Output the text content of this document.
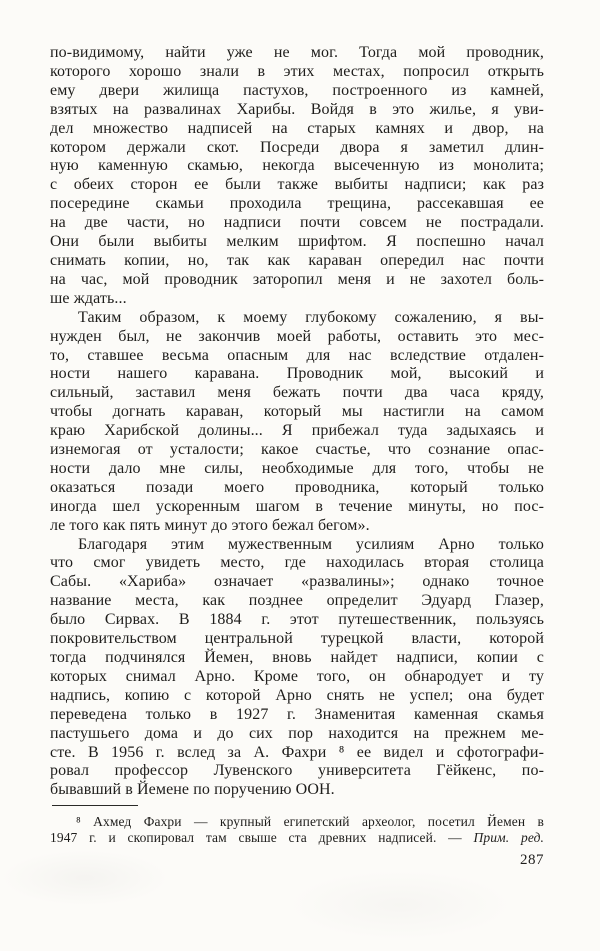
по-видимому, найти уже не мог. Тогда мой проводник,
которого хорошо знали в этих местах, попросил открыть
ему двери жилища пастухов, построенного из камней,
взятых на развалинах Харибы. Войдя в это жилье, я уви-
дел множество надписей на старых камнях и двор, на
котором держали скот. Посреди двора я заметил длин-
ную каменную скамью, некогда высеченную из монолита;
с обеих сторон ее были также выбиты надписи; как раз
посередине скамьи проходила трещина, рассекавшая ее
на две части, но надписи почти совсем не пострадали.
Они были выбиты мелким шрифтом. Я поспешно начал
снимать копии, но, так как караван опередил нас почти
на час, мой проводник заторопил меня и не захотел боль-
ше ждать...
Таким образом, к моему глубокому сожалению, я вы-
нужден был, не закончив моей работы, оставить это мес-
то, ставшее весьма опасным для нас вследствие отдален-
ности нашего каравана. Проводник мой, высокий и
сильный, заставил меня бежать почти два часа кряду,
чтобы догнать караван, который мы настигли на самом
краю Харибской долины... Я прибежал туда задыхаясь и
изнемогая от усталости; какое счастье, что сознание опас-
ности дало мне силы, необходимые для того, чтобы не
оказаться позади моего проводника, который только
иногда шел ускоренным шагом в течение минуты, но пос-
ле того как пять минут до этого бежал бегом».
Благодаря этим мужественным усилиям Арно только
что смог увидеть место, где находилась вторая столица
Сабы. «Хариба» означает «развалины»; однако точное
название места, как позднее определит Эдуард Глазер,
было Сирвах. В 1884 г. этот путешественник, пользуясь
покровительством центральной турецкой власти, которой
тогда подчинялся Йемен, вновь найдет надписи, копии с
которых снимал Арно. Кроме того, он обнародует и ту
надпись, копию с которой Арно снять не успел; она будет
переведена только в 1927 г. Знаменитая каменная скамья
пастушьего дома и до сих пор находится на прежнем ме-
сте. В 1956 г. вслед за А. Фахри ⁸ ее видел и сфотографи-
ровал профессор Лувенского университета Гёйкенс, по-
бывавший в Йемене по поручению ООН.
⁸ Ахмед Фахри — крупный египетский археолог, посетил Йемен в
1947 г. и скопировал там свыше ста древних надписей. — Прим. ред.
287
